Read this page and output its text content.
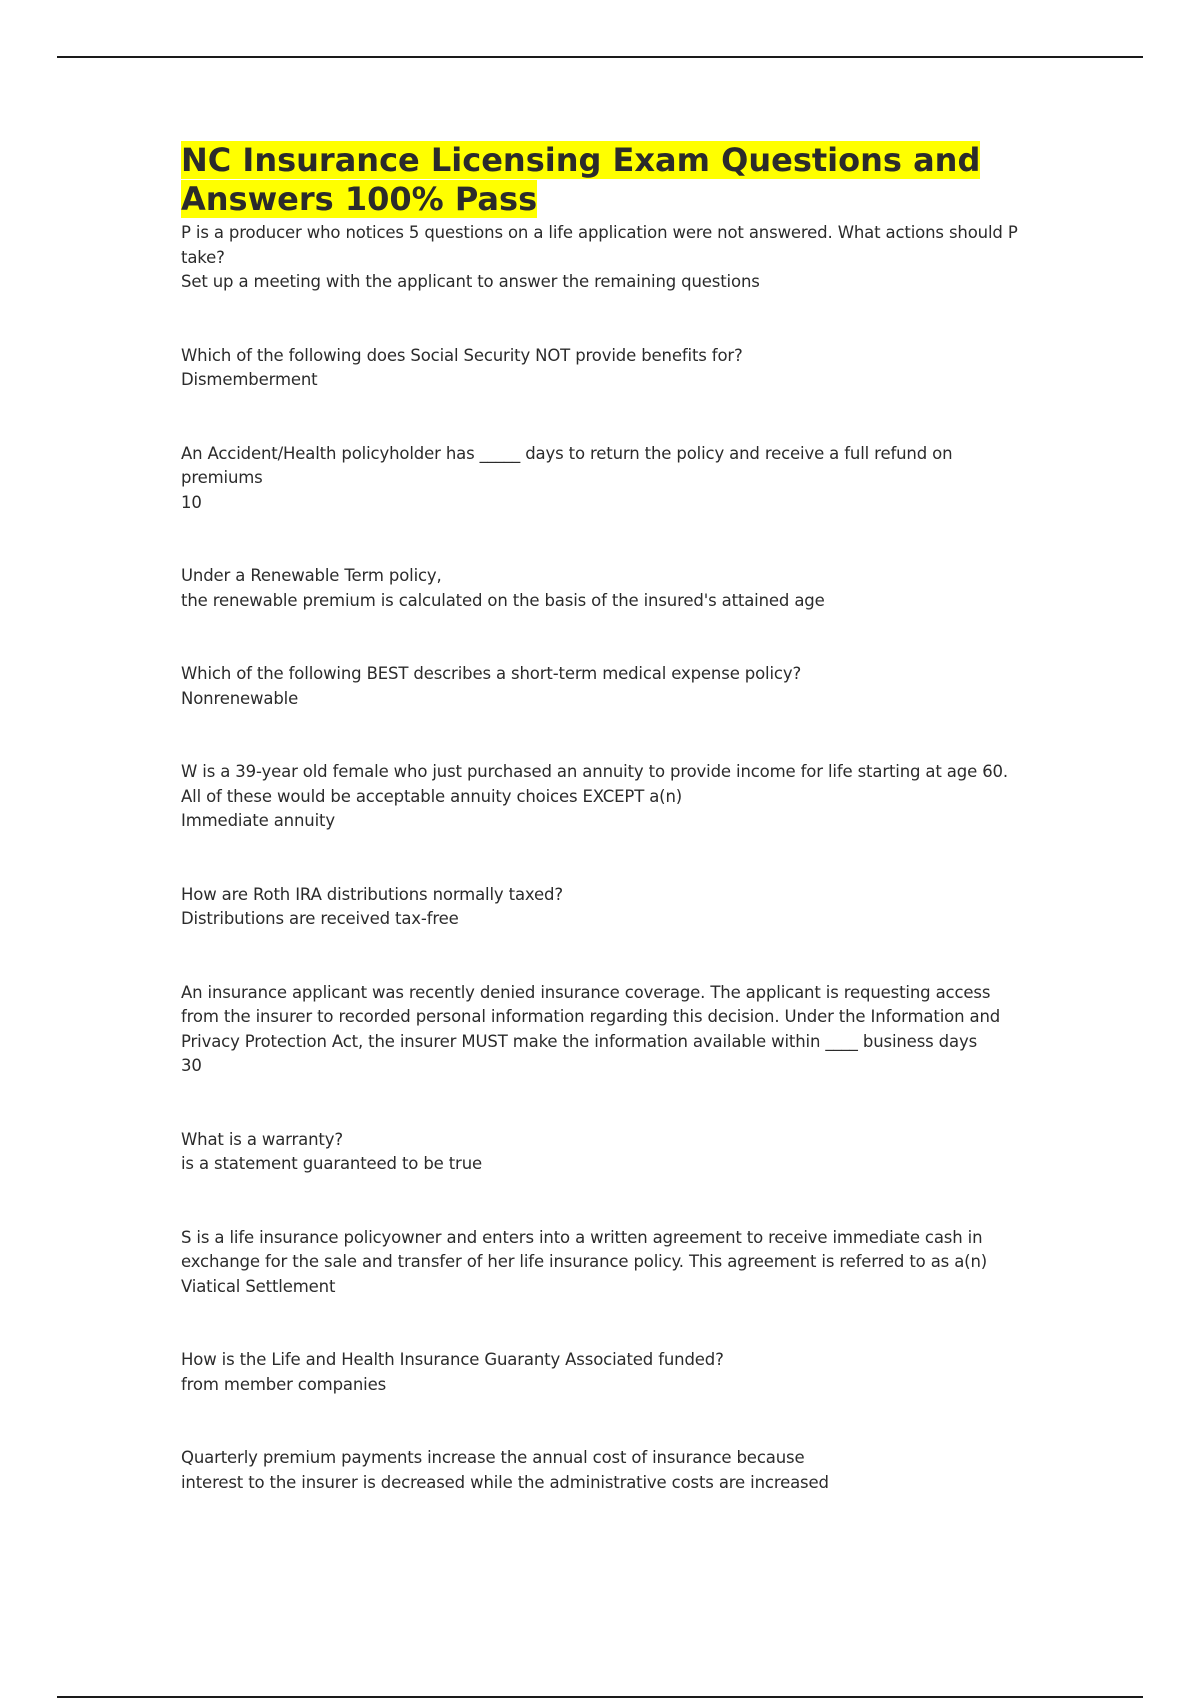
NC Insurance Licensing Exam Questions and
Answers 100% Pass

P is a producer who notices 5 questions on a life application were not answered. What actions should P take?

Set up a meeting with the applicant to answer the remaining questions

Which of the following does Social Security NOT provide benefits for?

Dismemberment

An Accident/Health policyholder has _____ days to return the policy and receive a full refund on premiums

10

Under a Renewable Term policy,

the renewable premium is calculated on the basis of the insured's attained age

Which of the following BEST describes a short-term medical expense policy?

Nonrenewable

W is a 39-year old female who just purchased an annuity to provide income for life starting at age 60. All of these would be acceptable annuity choices EXCEPT a(n)

Immediate annuity

How are Roth IRA distributions normally taxed?

Distributions are received tax-free

An insurance applicant was recently denied insurance coverage. The applicant is requesting access from the insurer to recorded personal information regarding this decision. Under the Information and Privacy Protection Act, the insurer MUST make the information available within ____ business days

30

What is a warranty?

is a statement guaranteed to be true

S is a life insurance policyowner and enters into a written agreement to receive immediate cash in exchange for the sale and transfer of her life insurance policy. This agreement is referred to as a(n)

Viatical Settlement

How is the Life and Health Insurance Guaranty Associated funded?

from member companies

Quarterly premium payments increase the annual cost of insurance because

interest to the insurer is decreased while the administrative costs are increased
